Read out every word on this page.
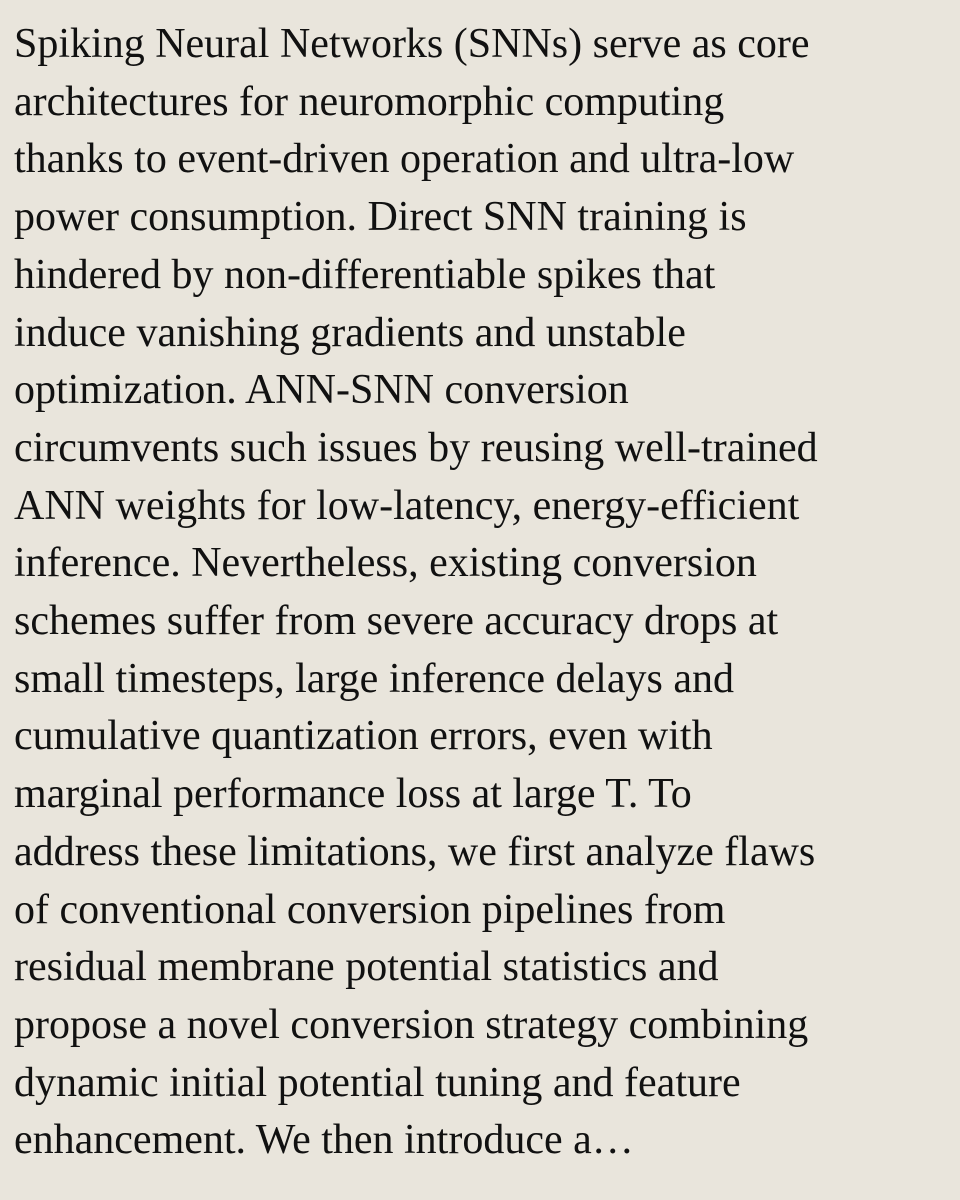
Spiking Neural Networks (SNNs) serve as core
architectures for neuromorphic computing
thanks to event-driven operation and ultra-low
power consumption. Direct SNN training is
hindered by non-differentiable spikes that
induce vanishing gradients and unstable
optimization. ANN-SNN conversion
circumvents such issues by reusing well-trained
ANN weights for low-latency, energy-efficient
inference. Nevertheless, existing conversion
schemes suffer from severe accuracy drops at
small timesteps, large inference delays and
cumulative quantization errors, even with
marginal performance loss at large T. To
address these limitations, we first analyze flaws
of conventional conversion pipelines from
residual membrane potential statistics and
propose a novel conversion strategy combining
dynamic initial potential tuning and feature
enhancement. We then introduce a…
